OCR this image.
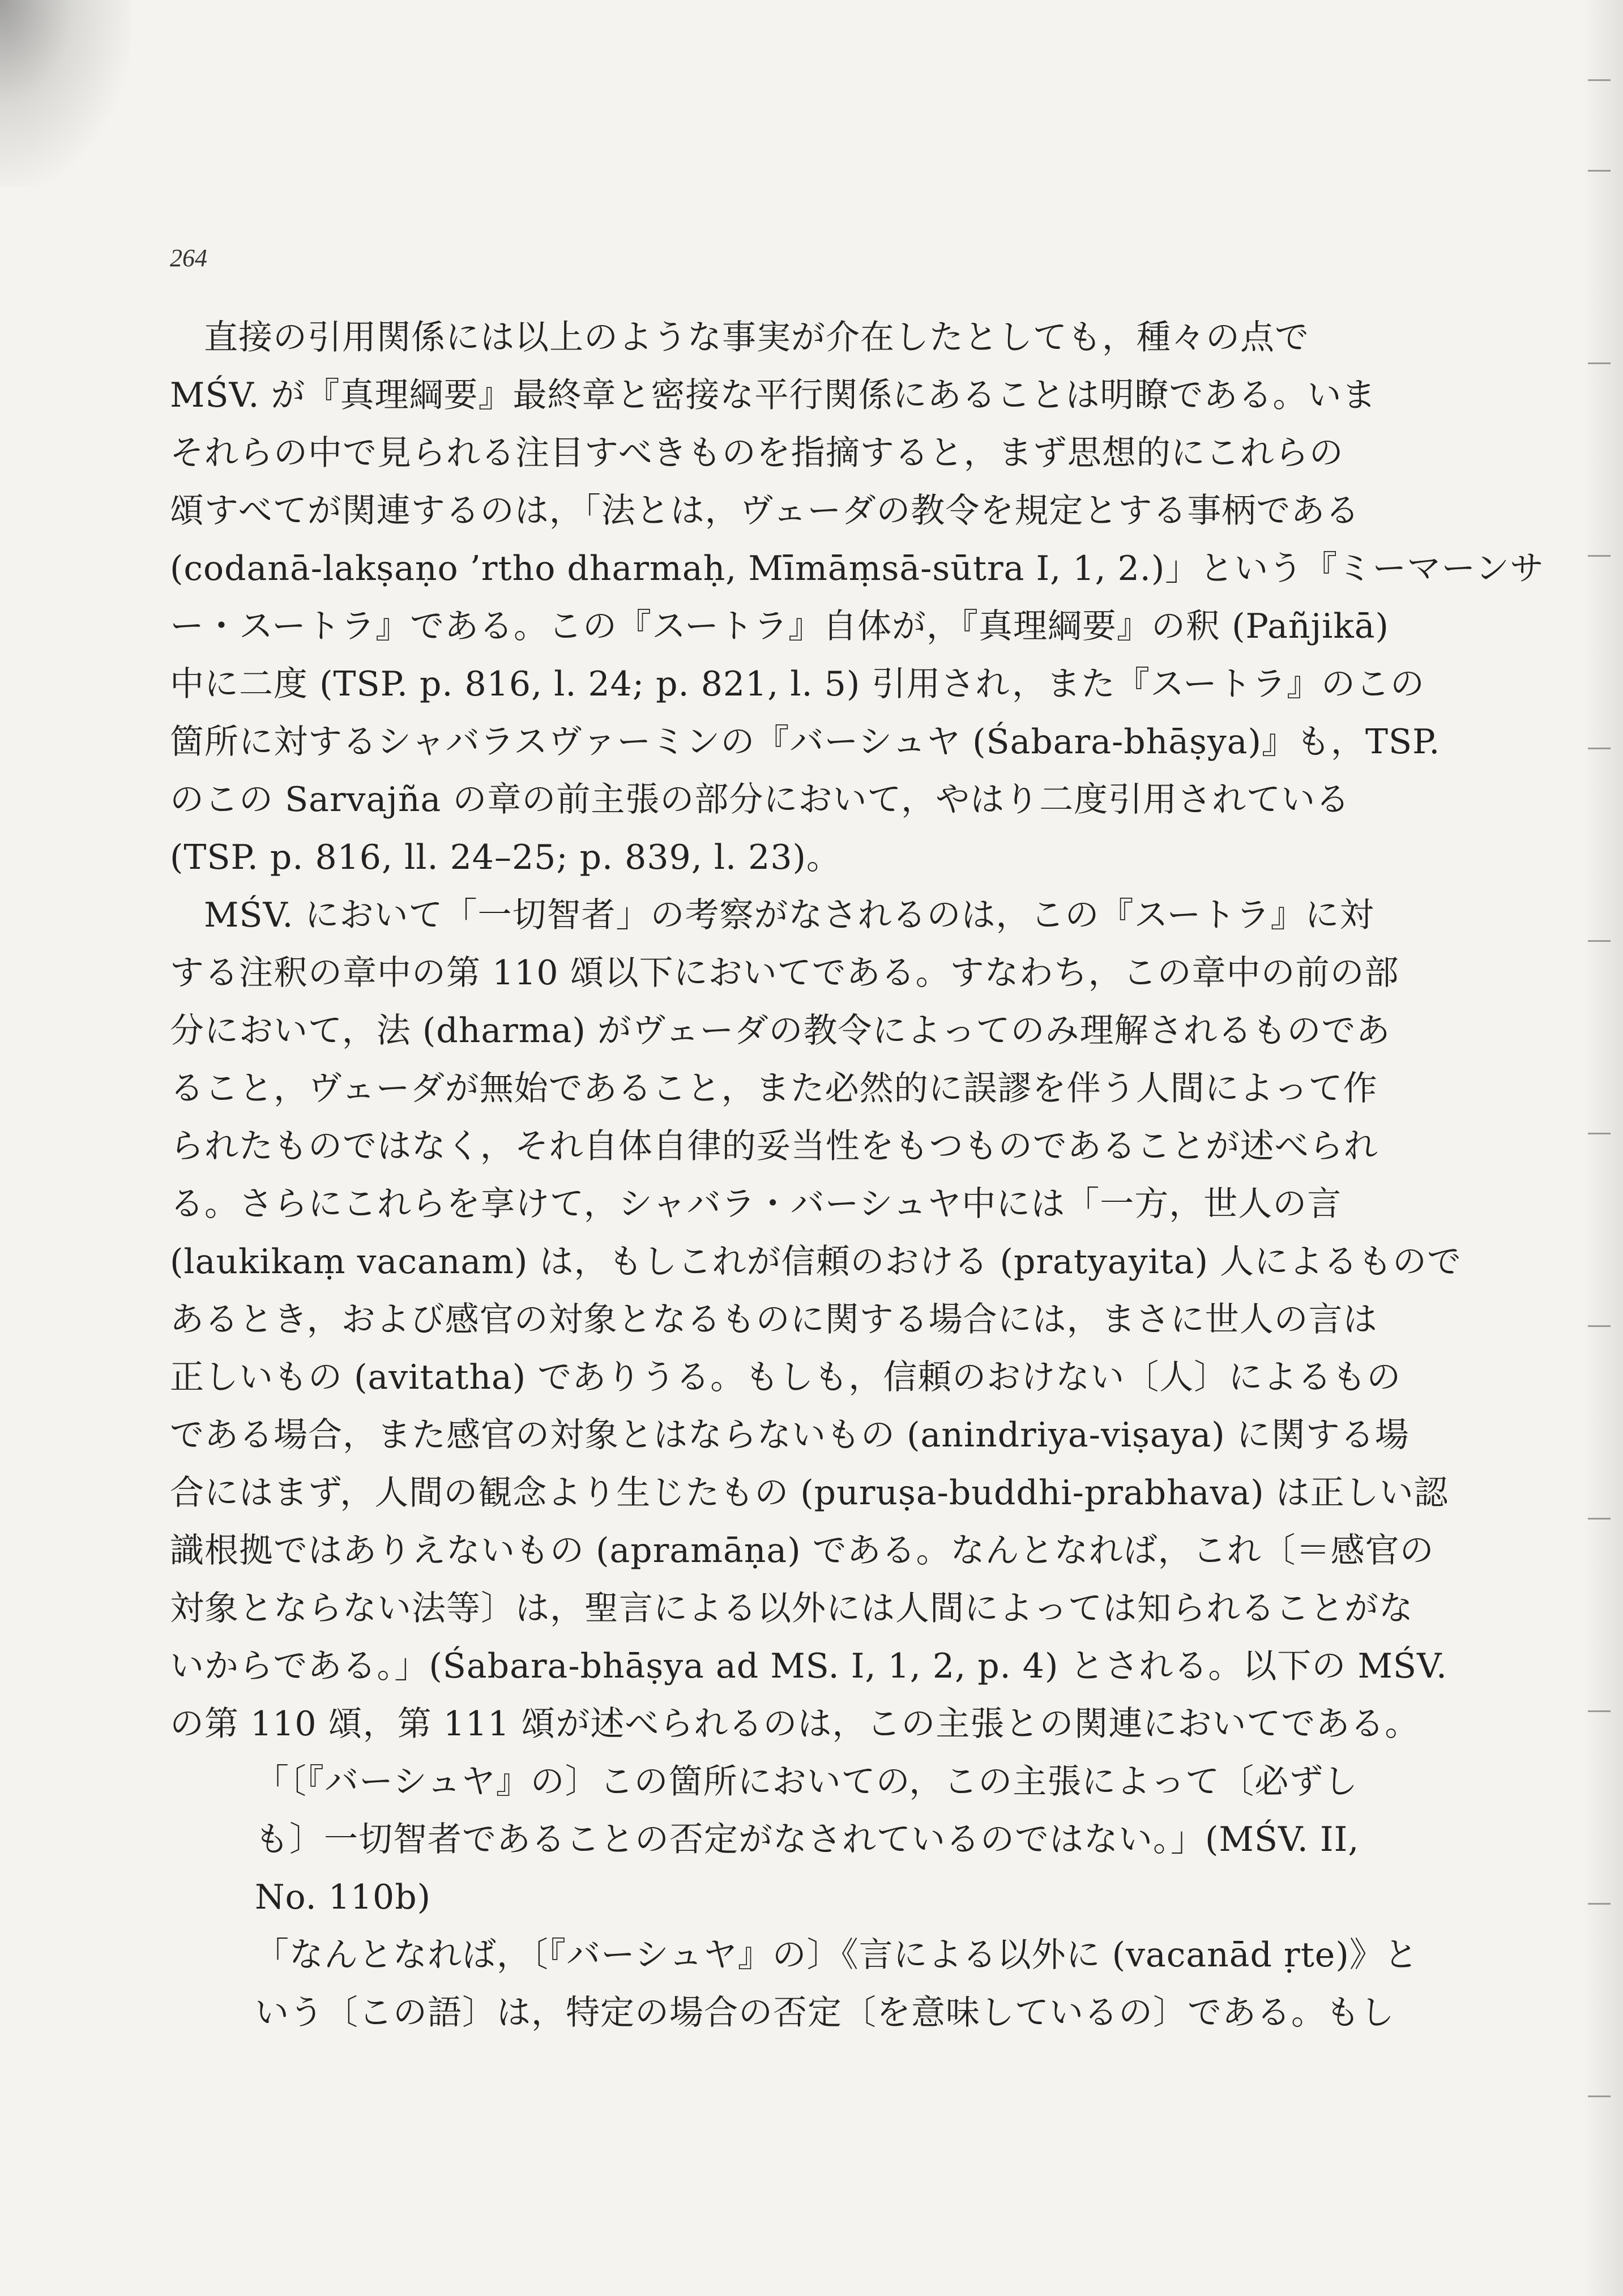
264
直接の引用関係には以上のような事実が介在したとしても，種々の点で
MŚV. が『真理綱要』最終章と密接な平行関係にあることは明瞭である。いま
それらの中で見られる注目すべきものを指摘すると，まず思想的にこれらの
頌すべてが関連するのは，「法とは，ヴェーダの教令を規定とする事柄である
(codanā-lakṣaṇo ’rtho dharmaḥ, Mīmāṃsā-sūtra I, 1, 2.)」という『ミーマーンサ
ー・スートラ』である。この『スートラ』自体が，『真理綱要』の釈 (Pañjikā)
中に二度 (TSP. p. 816, l. 24; p. 821, l. 5) 引用され，また『スートラ』のこの
箇所に対するシャバラスヴァーミンの『バーシュヤ (Śabara-bhāṣya)』も，TSP.
のこの Sarvajña の章の前主張の部分において，やはり二度引用されている
(TSP. p. 816, ll. 24–25; p. 839, l. 23)。
MŚV. において「一切智者」の考察がなされるのは，この『スートラ』に対
する注釈の章中の第 110 頌以下においてである。すなわち，この章中の前の部
分において，法 (dharma) がヴェーダの教令によってのみ理解されるものであ
ること，ヴェーダが無始であること，また必然的に誤謬を伴う人間によって作
られたものではなく，それ自体自律的妥当性をもつものであることが述べられ
る。さらにこれらを享けて，シャバラ・バーシュヤ中には「一方，世人の言
(laukikaṃ vacanam) は，もしこれが信頼のおける (pratyayita) 人によるもので
あるとき，および感官の対象となるものに関する場合には，まさに世人の言は
正しいもの (avitatha) でありうる。もしも，信頼のおけない〔人〕によるもの
である場合，また感官の対象とはならないもの (anindriya-viṣaya) に関する場
合にはまず，人間の観念より生じたもの (puruṣa-buddhi-prabhava) は正しい認
識根拠ではありえないもの (apramāṇa) である。なんとなれば，これ〔＝感官の
対象とならない法等〕は，聖言による以外には人間によっては知られることがな
いからである。」(Śabara-bhāṣya ad MS. I, 1, 2, p. 4) とされる。以下の MŚV.
の第 110 頌，第 111 頌が述べられるのは，この主張との関連においてである。
「〔『バーシュヤ』の〕この箇所においての，この主張によって〔必ずし
も〕一切智者であることの否定がなされているのではない。」(MŚV. II,
No. 110b)
「なんとなれば，〔『バーシュヤ』の〕《言による以外に (vacanād ṛte)》と
いう〔この語〕は，特定の場合の否定〔を意味しているの〕である。もし
